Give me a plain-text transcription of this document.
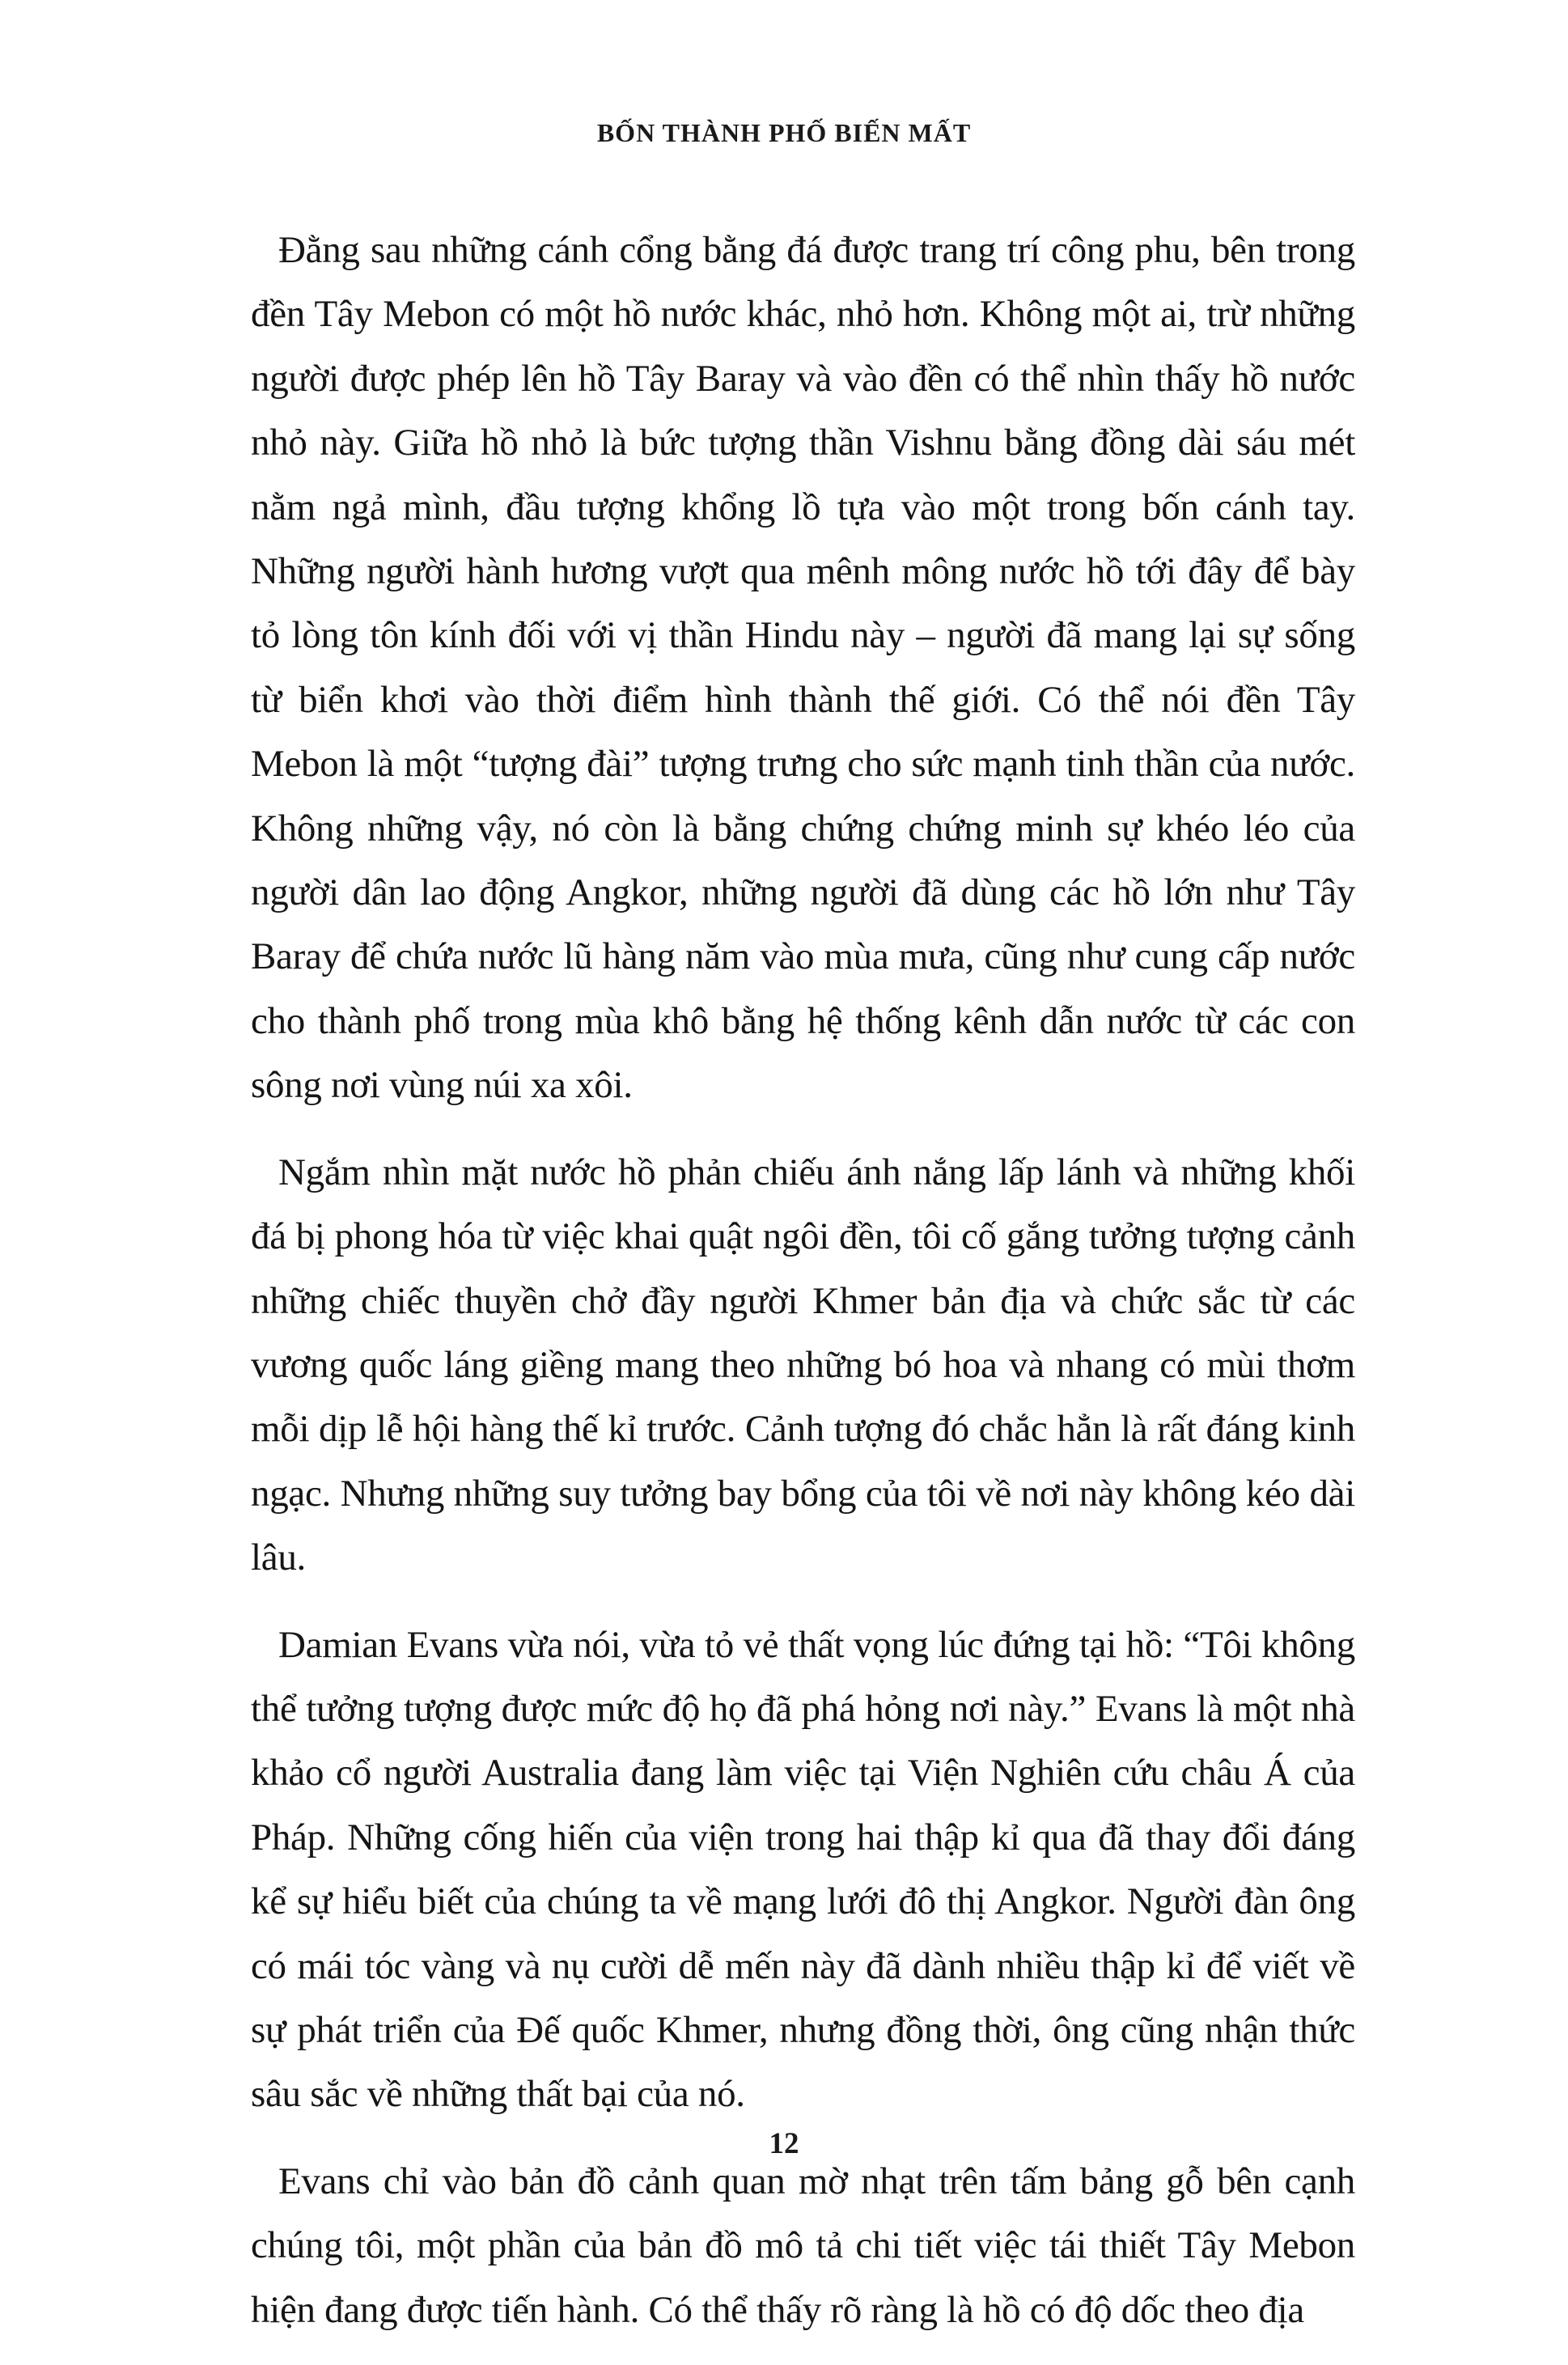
BỐN THÀNH PHỐ BIẾN MẤT

Đằng sau những cánh cổng bằng đá được trang trí công phu, bên trong đền Tây Mebon có một hồ nước khác, nhỏ hơn. Không một ai, trừ những người được phép lên hồ Tây Baray và vào đền có thể nhìn thấy hồ nước nhỏ này. Giữa hồ nhỏ là bức tượng thần Vishnu bằng đồng dài sáu mét nằm ngả mình, đầu tượng khổng lồ tựa vào một trong bốn cánh tay. Những người hành hương vượt qua mênh mông nước hồ tới đây để bày tỏ lòng tôn kính đối với vị thần Hindu này – người đã mang lại sự sống từ biển khơi vào thời điểm hình thành thế giới. Có thể nói đền Tây Mebon là một “tượng đài” tượng trưng cho sức mạnh tinh thần của nước. Không những vậy, nó còn là bằng chứng chứng minh sự khéo léo của người dân lao động Angkor, những người đã dùng các hồ lớn như Tây Baray để chứa nước lũ hàng năm vào mùa mưa, cũng như cung cấp nước cho thành phố trong mùa khô bằng hệ thống kênh dẫn nước từ các con sông nơi vùng núi xa xôi.

Ngắm nhìn mặt nước hồ phản chiếu ánh nắng lấp lánh và những khối đá bị phong hóa từ việc khai quật ngôi đền, tôi cố gắng tưởng tượng cảnh những chiếc thuyền chở đầy người Khmer bản địa và chức sắc từ các vương quốc láng giềng mang theo những bó hoa và nhang có mùi thơm mỗi dịp lễ hội hàng thế kỉ trước. Cảnh tượng đó chắc hẳn là rất đáng kinh ngạc. Nhưng những suy tưởng bay bổng của tôi về nơi này không kéo dài lâu.

Damian Evans vừa nói, vừa tỏ vẻ thất vọng lúc đứng tại hồ: “Tôi không thể tưởng tượng được mức độ họ đã phá hỏng nơi này.” Evans là một nhà khảo cổ người Australia đang làm việc tại Viện Nghiên cứu châu Á của Pháp. Những cống hiến của viện trong hai thập kỉ qua đã thay đổi đáng kể sự hiểu biết của chúng ta về mạng lưới đô thị Angkor. Người đàn ông có mái tóc vàng và nụ cười dễ mến này đã dành nhiều thập kỉ để viết về sự phát triển của Đế quốc Khmer, nhưng đồng thời, ông cũng nhận thức sâu sắc về những thất bại của nó.

Evans chỉ vào bản đồ cảnh quan mờ nhạt trên tấm bảng gỗ bên cạnh chúng tôi, một phần của bản đồ mô tả chi tiết việc tái thiết Tây Mebon hiện đang được tiến hành. Có thể thấy rõ ràng là hồ có độ dốc theo địa

12
